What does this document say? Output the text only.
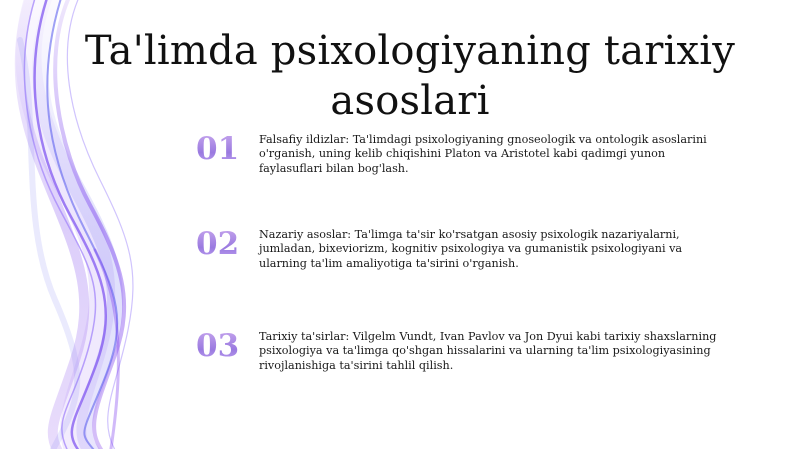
Ta'limda psixologiyaning tarixiy asoslari
01	Falsafiy ildizlar: Ta'limdagi psixologiyaning gnoseologik va ontologik asoslarini o'rganish, uning kelib chiqishini Platon va Aristotel kabi qadimgi yunon faylasuflari bilan bog'lash.
02	Nazariy asoslar: Ta'limga ta'sir ko'rsatgan asosiy psixologik nazariyalarni, jumladan, bixeviorizm, kognitiv psixologiya va gumanistik psixologiyani va ularning ta'lim amaliyotiga ta'sirini o'rganish.
03	Tarixiy ta'sirlar: Vilgelm Vundt, Ivan Pavlov va Jon Dyui kabi tarixiy shaxslarning psixologiya va ta'limga qo'shgan hissalarini va ularning ta'lim psixologiyasining rivojlanishiga ta'sirini tahlil qilish.
